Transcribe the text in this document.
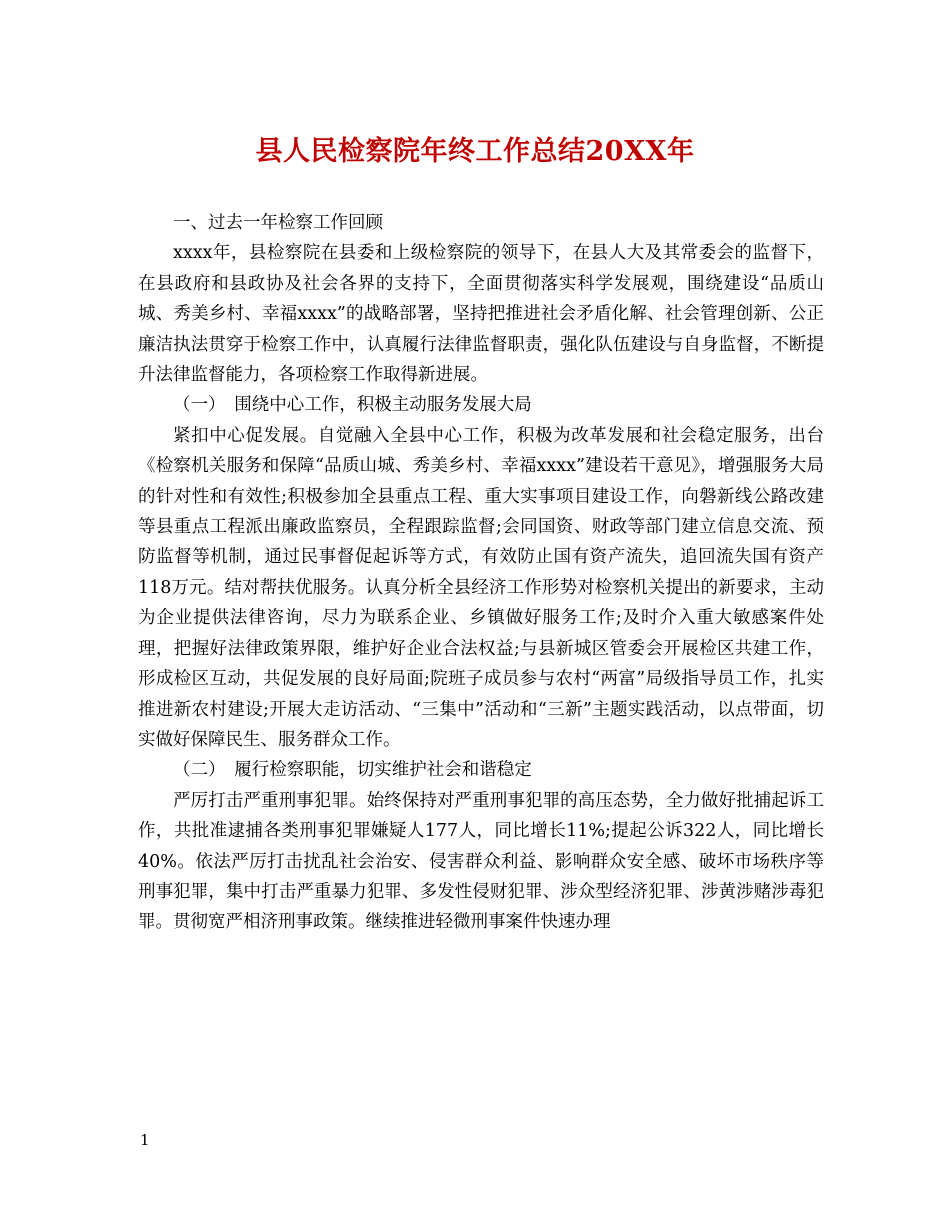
县人民检察院年终工作总结20XX年

一、过去一年检察工作回顾

xxxx年，县检察院在县委和上级检察院的领导下，在县人大及其常委会的监督下，在县政府和县政协及社会各界的支持下，全面贯彻落实科学发展观，围绕建设“品质山城、秀美乡村、幸福xxxx”的战略部署，坚持把推进社会矛盾化解、社会管理创新、公正廉洁执法贯穿于检察工作中，认真履行法律监督职责，强化队伍建设与自身监督，不断提升法律监督能力，各项检察工作取得新进展。

（一）　围绕中心工作，积极主动服务发展大局

紧扣中心促发展。自觉融入全县中心工作，积极为改革发展和社会稳定服务，出台《检察机关服务和保障“品质山城、秀美乡村、幸福xxxx”建设若干意见》，增强服务大局的针对性和有效性;积极参加全县重点工程、重大实事项目建设工作，向磐新线公路改建等县重点工程派出廉政监察员，全程跟踪监督;会同国资、财政等部门建立信息交流、预防监督等机制，通过民事督促起诉等方式，有效防止国有资产流失，追回流失国有资产118万元。结对帮扶优服务。认真分析全县经济工作形势对检察机关提出的新要求，主动为企业提供法律咨询，尽力为联系企业、乡镇做好服务工作;及时介入重大敏感案件处理，把握好法律政策界限，维护好企业合法权益;与县新城区管委会开展检区共建工作，形成检区互动，共促发展的良好局面;院班子成员参与农村“两富”局级指导员工作，扎实推进新农村建设;开展大走访活动、“三集中”活动和“三新”主题实践活动，以点带面，切实做好保障民生、服务群众工作。

（二）　履行检察职能，切实维护社会和谐稳定

严厉打击严重刑事犯罪。始终保持对严重刑事犯罪的高压态势，全力做好批捕起诉工作，共批准逮捕各类刑事犯罪嫌疑人177人，同比增长11%;提起公诉322人，同比增长40%。依法严厉打击扰乱社会治安、侵害群众利益、影响群众安全感、破坏市场秩序等刑事犯罪，集中打击严重暴力犯罪、多发性侵财犯罪、涉众型经济犯罪、涉黄涉赌涉毒犯罪。贯彻宽严相济刑事政策。继续推进轻微刑事案件快速办理

1
